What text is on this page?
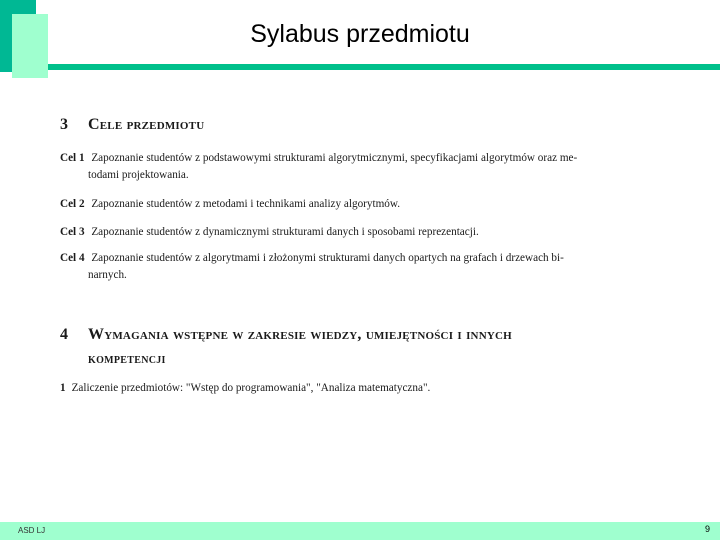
Sylabus przedmiotu
3 Cele przedmiotu
Cel 1 Zapoznanie studentów z podstawowymi strukturami algorytmicznymi, specyfikacjami algorytmów oraz me-
todami projektowania.
Cel 2 Zapoznanie studentów z metodami i technikami analizy algorytmów.
Cel 3 Zapoznanie studentów z dynamicznymi strukturami danych i sposobami reprezentacji.
Cel 4 Zapoznanie studentów z algorytmami i złożonymi strukturami danych opartych na grafach i drzewach bi-
narnych.
4 Wymagania wstępne w zakresie wiedzy, umiejętności i innych
kompetencji
1 Zaliczenie przedmiotów: "Wstęp do programowania", "Analiza matematyczna".
ASD LJ	9
